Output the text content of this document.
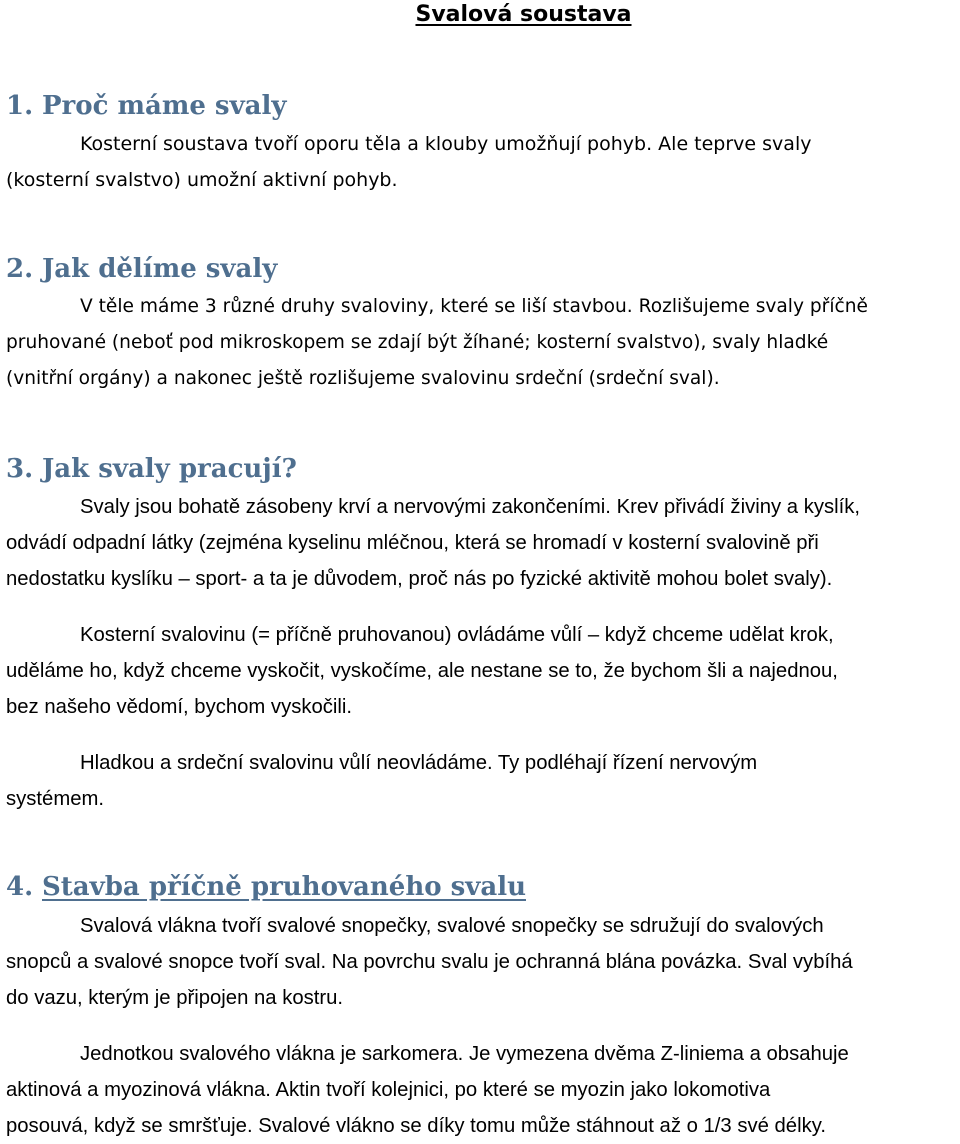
Svalová soustava
1. Proč máme svaly
Kosterní soustava tvoří oporu těla a klouby umožňují pohyb. Ale teprve svaly
(kosterní svalstvo) umožní aktivní pohyb.
2. Jak dělíme svaly
V těle máme 3 různé druhy svaloviny, které se liší stavbou. Rozlišujeme svaly příčně
pruhované (neboť pod mikroskopem se zdají být žíhané; kosterní svalstvo), svaly hladké
(vnitřní orgány) a nakonec ještě rozlišujeme svalovinu srdeční (srdeční sval).
3. Jak svaly pracují?
Svaly jsou bohatě zásobeny krví a nervovými zakončeními. Krev přivádí živiny a kyslík,
odvádí odpadní látky (zejména kyselinu mléčnou, která se hromadí v kosterní svalovině při
nedostatku kyslíku – sport- a ta je důvodem, proč nás po fyzické aktivitě mohou bolet svaly).
Kosterní svalovinu (= příčně pruhovanou) ovládáme vůlí – když chceme udělat krok,
uděláme ho, když chceme vyskočit, vyskočíme, ale nestane se to, že bychom šli a najednou,
bez našeho vědomí, bychom vyskočili.
Hladkou a srdeční svalovinu vůlí neovládáme. Ty podléhají řízení nervovým
systémem.
4. Stavba příčně pruhovaného svalu
Svalová vlákna tvoří svalové snopečky, svalové snopečky se sdružují do svalových
snopců a svalové snopce tvoří sval. Na povrchu svalu je ochranná blána povázka. Sval vybíhá
do vazu, kterým je připojen na kostru.
Jednotkou svalového vlákna je sarkomera. Je vymezena dvěma Z-liniema a obsahuje
aktinová a myozinová vlákna. Aktin tvoří kolejnici, po které se myozin jako lokomotiva
posouvá, když se smršťuje. Svalové vlákno se díky tomu může stáhnout až o 1/3 své délky.
